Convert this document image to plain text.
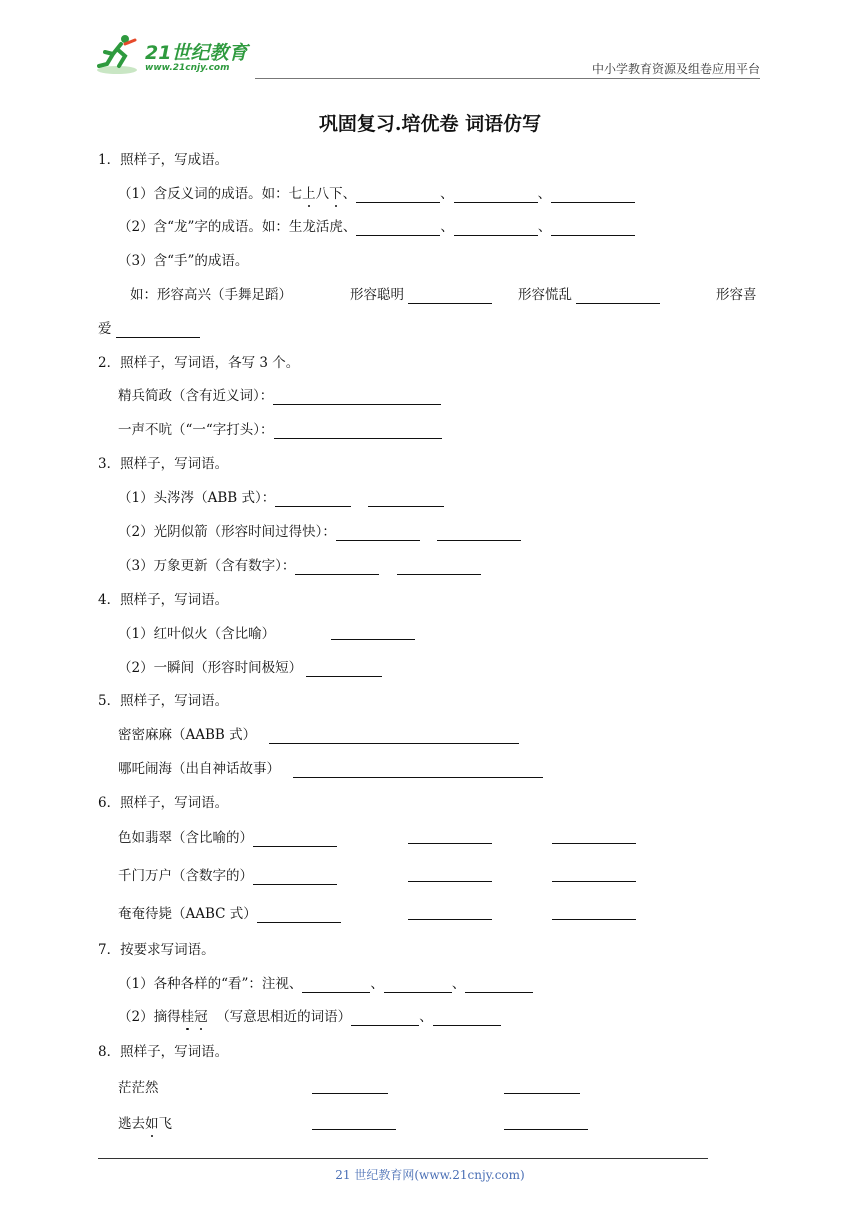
21世纪教育
www.21cnjy.com	中小学教育资源及组卷应用平台
巩固复习.培优卷 词语仿写
1．照样子，写成语。
（1）含反义词的成语。如：七上八下、	、	、
（2）含“龙”字的成语。如：生龙活虎、	、	、
（3）含“手”的成语。
如：形容高兴（手舞足蹈）	形容聪明	形容慌乱	形容喜
爱
2．照样子，写词语，各写 3 个。
精兵简政（含有近义词）：
一声不吭（“一“字打头）：
3．照样子，写词语。
（1）头涔涔（ABB 式）：
（2）光阴似箭（形容时间过得快）：
（3）万象更新（含有数字）：
4．照样子，写词语。
（1）红叶似火（含比喻）
（2）一瞬间（形容时间极短）
5．照样子，写词语。
密密麻麻（AABB 式）
哪吒闹海（出自神话故事）
6．照样子，写词语。
色如翡翠（含比喻的）
千门万户（含数字的）
奄奄待毙（AABC 式）
7．按要求写词语。
（1）各种各样的“看”：注视、	、	、
（2）摘得桂冠 （写意思相近的词语）	、
8．照样子，写词语。
茫茫然
逃去如飞
21 世纪教育网(www.21cnjy.com)
